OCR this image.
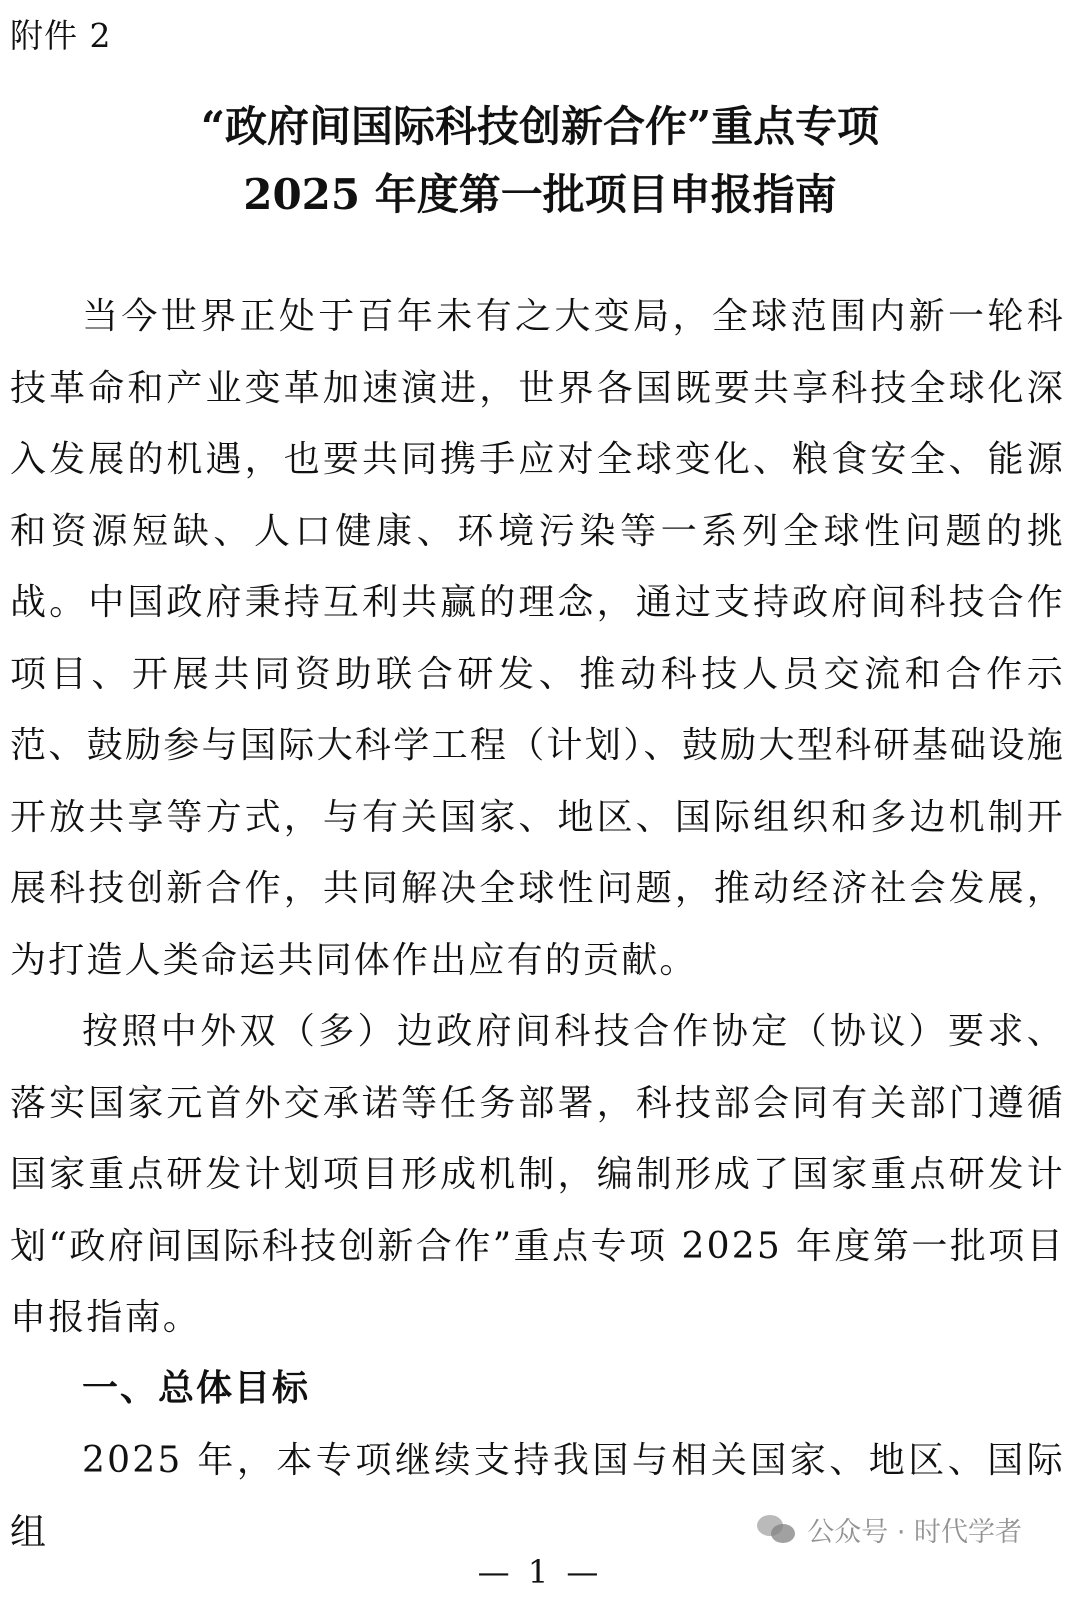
附件 2
“政府间国际科技创新合作”重点专项
2025 年度第一批项目申报指南
当今世界正处于百年未有之大变局，全球范围内新一轮科技革命和产业变革加速演进，世界各国既要共享科技全球化深入发展的机遇，也要共同携手应对全球变化、粮食安全、能源和资源短缺、人口健康、环境污染等一系列全球性问题的挑战。中国政府秉持互利共赢的理念，通过支持政府间科技合作项目、开展共同资助联合研发、推动科技人员交流和合作示范、鼓励参与国际大科学工程（计划）、鼓励大型科研基础设施开放共享等方式，与有关国家、地区、国际组织和多边机制开展科技创新合作，共同解决全球性问题，推动经济社会发展，为打造人类命运共同体作出应有的贡献。
按照中外双（多）边政府间科技合作协定（协议）要求、落实国家元首外交承诺等任务部署，科技部会同有关部门遵循国家重点研发计划项目形成机制，编制形成了国家重点研发计划“政府间国际科技创新合作”重点专项 2025 年度第一批项目申报指南。
一、总体目标
2025 年，本专项继续支持我国与相关国家、地区、国际组	公众号 · 时代学者
— 1 —
